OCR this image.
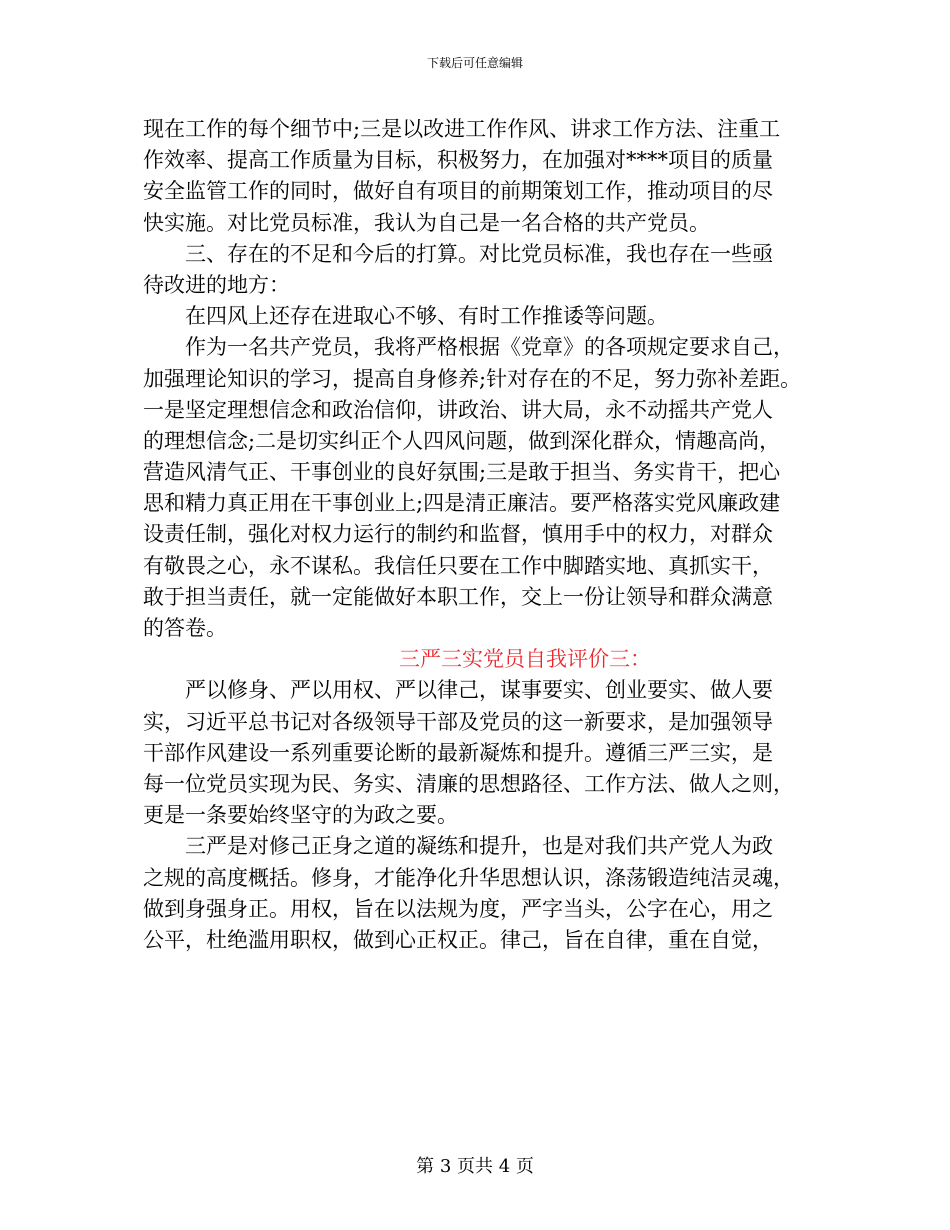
下载后可任意编辑

现在工作的每个细节中;三是以改进工作作风、讲求工作方法、注重工
作效率、提高工作质量为目标，积极努力，在加强对****项目的质量
安全监管工作的同时，做好自有项目的前期策划工作，推动项目的尽
快实施。对比党员标准，我认为自己是一名合格的共产党员。

三、存在的不足和今后的打算。对比党员标准，我也存在一些亟
待改进的地方：

在四风上还存在进取心不够、有时工作推诿等问题。

作为一名共产党员，我将严格根据《党章》的各项规定要求自己，
加强理论知识的学习，提高自身修养;针对存在的不足，努力弥补差距。
一是坚定理想信念和政治信仰，讲政治、讲大局，永不动摇共产党人
的理想信念;二是切实纠正个人四风问题，做到深化群众，情趣高尚，
营造风清气正、干事创业的良好氛围;三是敢于担当、务实肯干，把心
思和精力真正用在干事创业上;四是清正廉洁。要严格落实党风廉政建
设责任制，强化对权力运行的制约和监督，慎用手中的权力，对群众
有敬畏之心，永不谋私。我信任只要在工作中脚踏实地、真抓实干，
敢于担当责任，就一定能做好本职工作，交上一份让领导和群众满意
的答卷。

三严三实党员自我评价三：

严以修身、严以用权、严以律己，谋事要实、创业要实、做人要
实，习近平总书记对各级领导干部及党员的这一新要求，是加强领导
干部作风建设一系列重要论断的最新凝炼和提升。遵循三严三实，是
每一位党员实现为民、务实、清廉的思想路径、工作方法、做人之则，
更是一条要始终坚守的为政之要。

三严是对修己正身之道的凝练和提升，也是对我们共产党人为政
之规的高度概括。修身，才能净化升华思想认识，涤荡锻造纯洁灵魂，
做到身强身正。用权，旨在以法规为度，严字当头，公字在心，用之
公平，杜绝滥用职权，做到心正权正。律己，旨在自律，重在自觉，

第 3 页共 4 页
